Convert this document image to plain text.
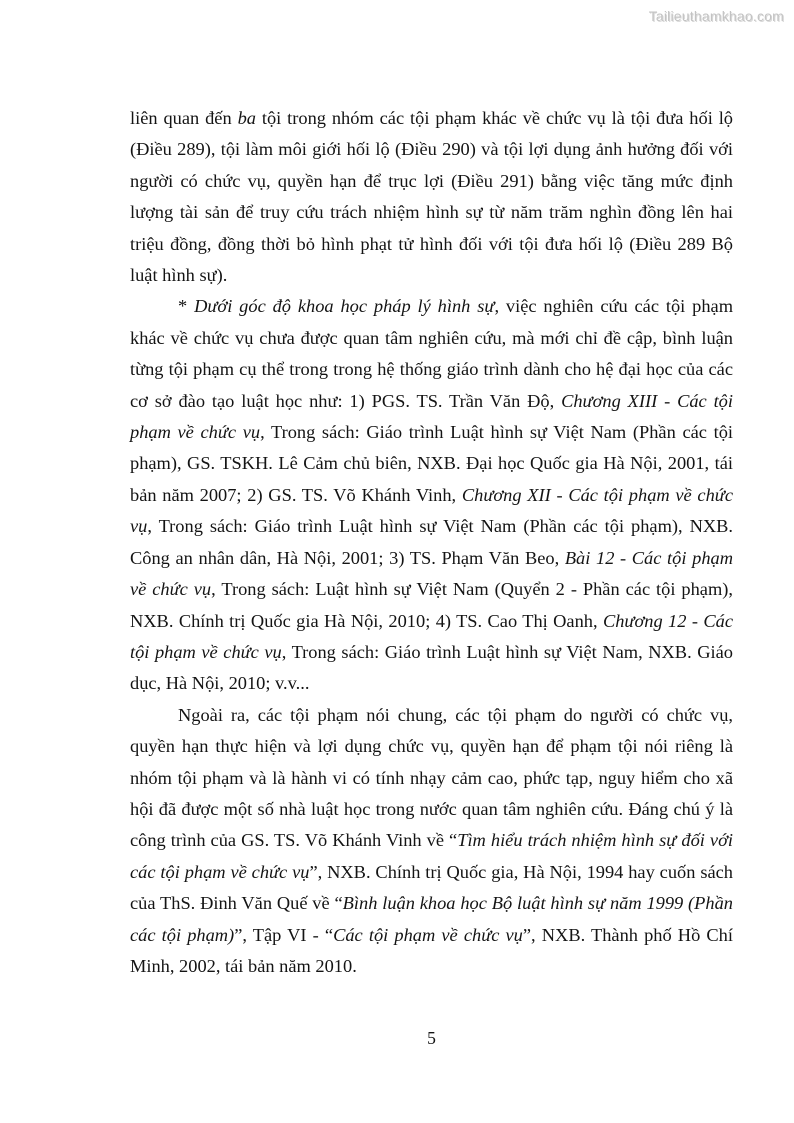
Tailieuthamkhao.com

liên quan đến ba tội trong nhóm các tội phạm khác về chức vụ là tội đưa hối lộ (Điều 289), tội làm môi giới hối lộ (Điều 290) và tội lợi dụng ảnh hưởng đối với người có chức vụ, quyền hạn để trục lợi (Điều 291) bằng việc tăng mức định lượng tài sản để truy cứu trách nhiệm hình sự từ năm trăm nghìn đồng lên hai triệu đồng, đồng thời bỏ hình phạt tử hình đối với tội đưa hối lộ (Điều 289 Bộ luật hình sự).

* Dưới góc độ khoa học pháp lý hình sự, việc nghiên cứu các tội phạm khác về chức vụ chưa được quan tâm nghiên cứu, mà mới chỉ đề cập, bình luận từng tội phạm cụ thể trong trong hệ thống giáo trình dành cho hệ đại học của các cơ sở đào tạo luật học như: 1) PGS. TS. Trần Văn Độ, Chương XIII - Các tội phạm về chức vụ, Trong sách: Giáo trình Luật hình sự Việt Nam (Phần các tội phạm), GS. TSKH. Lê Cảm chủ biên, NXB. Đại học Quốc gia Hà Nội, 2001, tái bản năm 2007; 2) GS. TS. Võ Khánh Vinh, Chương XII - Các tội phạm về chức vụ, Trong sách: Giáo trình Luật hình sự Việt Nam (Phần các tội phạm), NXB. Công an nhân dân, Hà Nội, 2001; 3) TS. Phạm Văn Beo, Bài 12 - Các tội phạm về chức vụ, Trong sách: Luật hình sự Việt Nam (Quyển 2 - Phần các tội phạm), NXB. Chính trị Quốc gia Hà Nội, 2010; 4) TS. Cao Thị Oanh, Chương 12 - Các tội phạm về chức vụ, Trong sách: Giáo trình Luật hình sự Việt Nam, NXB. Giáo dục, Hà Nội, 2010; v.v...

Ngoài ra, các tội phạm nói chung, các tội phạm do người có chức vụ, quyền hạn thực hiện và lợi dụng chức vụ, quyền hạn để phạm tội nói riêng là nhóm tội phạm và là hành vi có tính nhạy cảm cao, phức tạp, nguy hiểm cho xã hội đã được một số nhà luật học trong nước quan tâm nghiên cứu. Đáng chú ý là công trình của GS. TS. Võ Khánh Vinh về “Tìm hiểu trách nhiệm hình sự đối với các tội phạm về chức vụ”, NXB. Chính trị Quốc gia, Hà Nội, 1994 hay cuốn sách của ThS. Đinh Văn Quế về “Bình luận khoa học Bộ luật hình sự năm 1999 (Phần các tội phạm)”, Tập VI - “Các tội phạm về chức vụ”, NXB. Thành phố Hồ Chí Minh, 2002, tái bản năm 2010.

5
